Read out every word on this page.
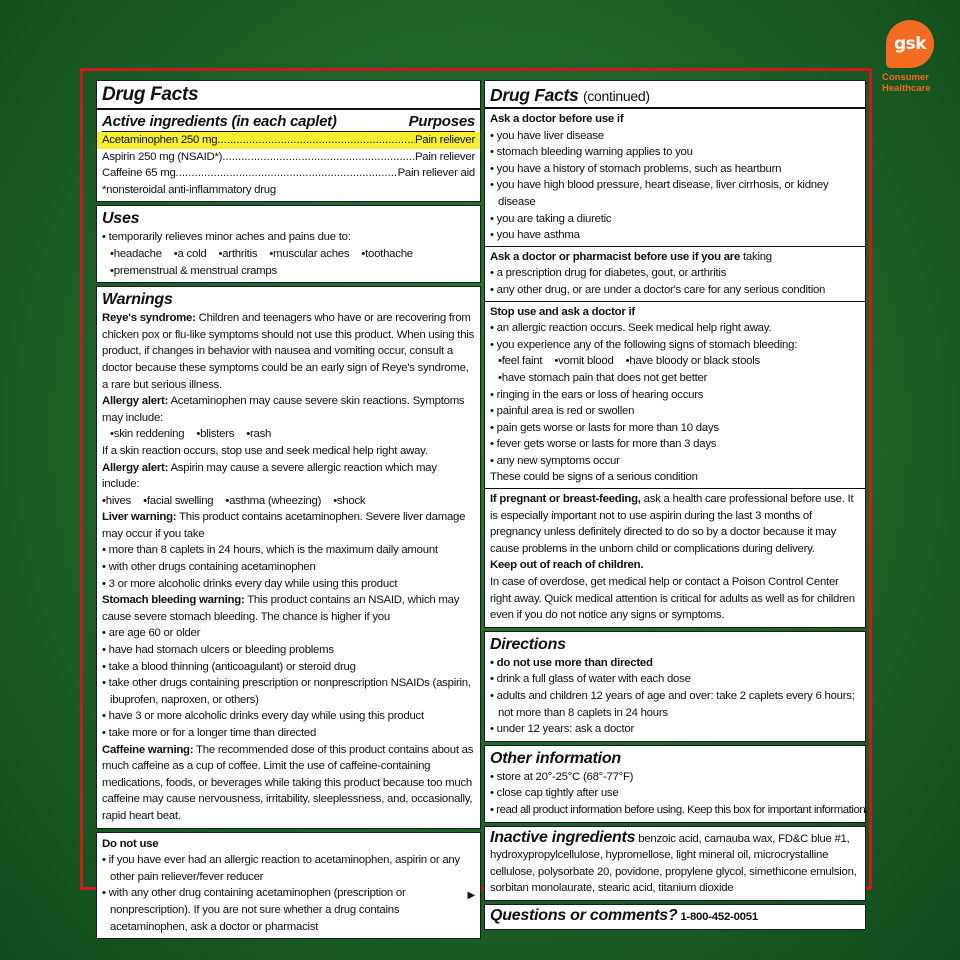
gsk
Consumer
Healthcare
Drug Facts
Active ingredients (in each caplet)	Purposes
Acetaminophen 250 mg .....	Pain reliever
Aspirin 250 mg (NSAID*) .....	Pain reliever
Caffeine 65 mg .....	Pain reliever aid
*nonsteroidal anti-inflammatory drug
Uses
• temporarily relieves minor aches and pains due to:
• headache	• a cold	• arthritis	• muscular aches	• toothache
• premenstrual & menstrual cramps
Warnings
Reye's syndrome: Children and teenagers who have or are recovering from chicken pox or flu-like symptoms should not use this product. When using this product, if changes in behavior with nausea and vomiting occur, consult a doctor because these symptoms could be an early sign of Reye's syndrome, a rare but serious illness.
Allergy alert: Acetaminophen may cause severe skin reactions. Symptoms may include:
• skin reddening	• blisters	• rash
If a skin reaction occurs, stop use and seek medical help right away.
Allergy alert: Aspirin may cause a severe allergic reaction which may include:
• hives	• facial swelling	• asthma (wheezing)	• shock
Liver warning: This product contains acetaminophen. Severe liver damage may occur if you take
• more than 8 caplets in 24 hours, which is the maximum daily amount
• with other drugs containing acetaminophen
• 3 or more alcoholic drinks every day while using this product
Stomach bleeding warning: This product contains an NSAID, which may cause severe stomach bleeding. The chance is higher if you
• are age 60 or older
• have had stomach ulcers or bleeding problems
• take a blood thinning (anticoagulant) or steroid drug
• take other drugs containing prescription or nonprescription NSAIDs (aspirin, ibuprofen, naproxen, or others)
• have 3 or more alcoholic drinks every day while using this product
• take more or for a longer time than directed
Caffeine warning: The recommended dose of this product contains about as much caffeine as a cup of coffee. Limit the use of caffeine-containing medications, foods, or beverages while taking this product because too much caffeine may cause nervousness, irritability, sleeplessness, and, occasionally, rapid heart beat.
Do not use
• if you have ever had an allergic reaction to acetaminophen, aspirin or any other pain reliever/fever reducer
▶
• with any other drug containing acetaminophen (prescription or nonprescription). If you are not sure whether a drug contains acetaminophen, ask a doctor or pharmacist
Drug Facts (continued)
Ask a doctor before use if
• you have liver disease
• stomach bleeding warning applies to you
• you have a history of stomach problems, such as heartburn
• you have high blood pressure, heart disease, liver cirrhosis, or kidney disease
• you are taking a diuretic
• you have asthma
Ask a doctor or pharmacist before use if you are taking
• a prescription drug for diabetes, gout, or arthritis
• any other drug, or are under a doctor's care for any serious condition
Stop use and ask a doctor if
• an allergic reaction occurs. Seek medical help right away.
• you experience any of the following signs of stomach bleeding:
• feel faint	• vomit blood	• have bloody or black stools
• have stomach pain that does not get better
• ringing in the ears or loss of hearing occurs
• painful area is red or swollen
• pain gets worse or lasts for more than 10 days
• fever gets worse or lasts for more than 3 days
• any new symptoms occur
These could be signs of a serious condition
If pregnant or breast-feeding, ask a health care professional before use. It is especially important not to use aspirin during the last 3 months of pregnancy unless definitely directed to do so by a doctor because it may cause problems in the unborn child or complications during delivery.
Keep out of reach of children.
In case of overdose, get medical help or contact a Poison Control Center right away. Quick medical attention is critical for adults as well as for children even if you do not notice any signs or symptoms.
Directions
• do not use more than directed
• drink a full glass of water with each dose
• adults and children 12 years of age and over: take 2 caplets every 6 hours; not more than 8 caplets in 24 hours
• under 12 years: ask a doctor
Other information
• store at 20°-25°C (68°-77°F)
• close cap tightly after use
• read all product information before using. Keep this box for important information.
Inactive ingredients benzoic acid, carnauba wax, FD&C blue #1, hydroxypropylcellulose, hypromellose, light mineral oil, microcrystalline cellulose, polysorbate 20, povidone, propylene glycol, simethicone emulsion, sorbitan monolaurate, stearic acid, titanium dioxide
Questions or comments? 1-800-452-0051
